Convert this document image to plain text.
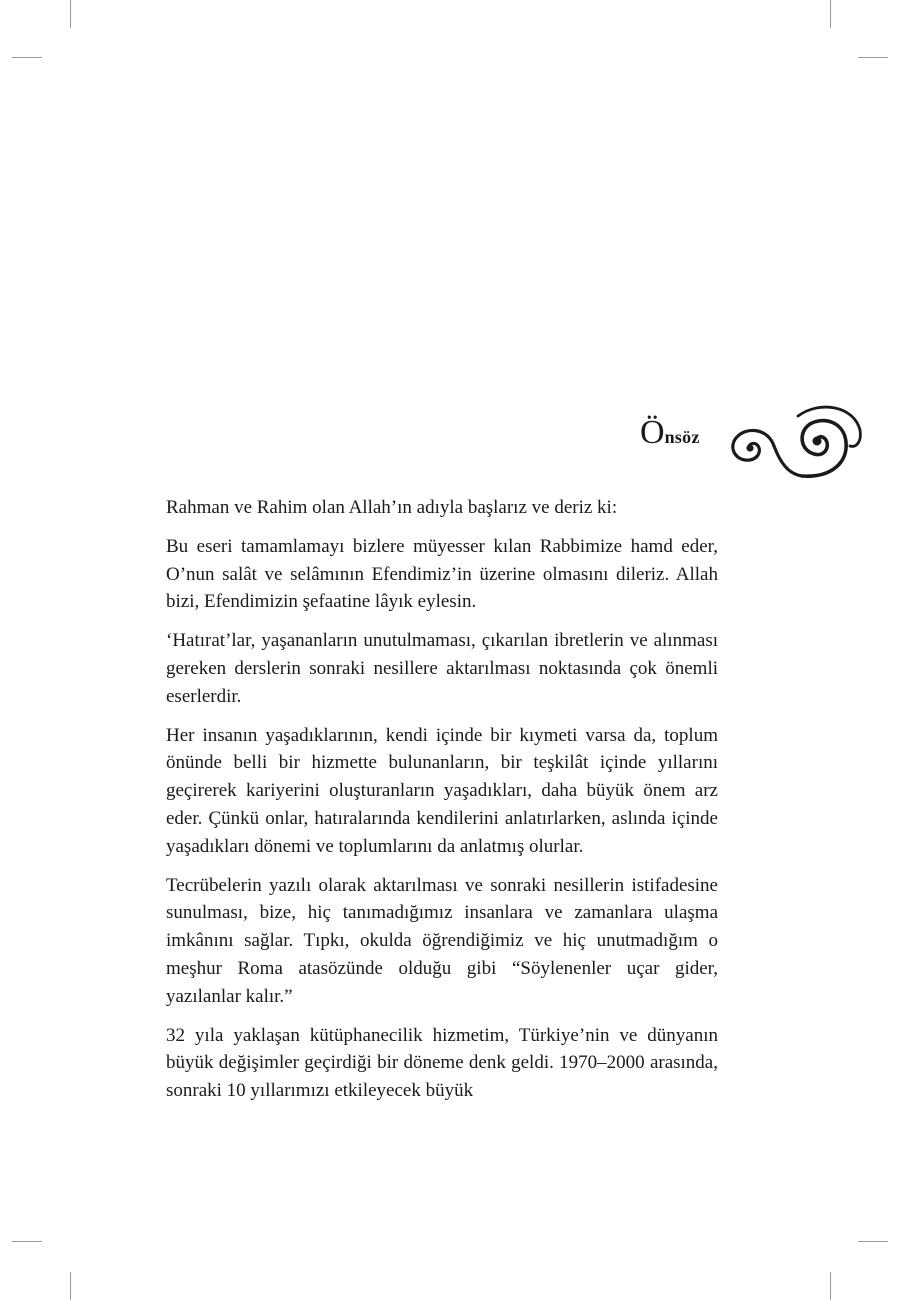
Önsöz

Rahman ve Rahim olan Allah’ın adıyla başlarız ve deriz ki:

Bu eseri tamamlamayı bizlere müyesser kılan Rabbimize hamd eder, O’nun salât ve selâmının Efendimiz’in üzerine olmasını dileriz. Allah bizi, Efendimizin şefaatine lâyık eylesin.

‘Hatırat’lar, yaşananların unutulmaması, çıkarılan ibretlerin ve alınması gereken derslerin sonraki nesillere aktarılması noktasında çok önemli eserlerdir.

Her insanın yaşadıklarının, kendi içinde bir kıymeti varsa da, toplum önünde belli bir hizmette bulunanların, bir teşkilât içinde yıllarını geçirerek kariyerini oluşturanların yaşadıkları, daha büyük önem arz eder. Çünkü onlar, hatıralarında kendilerini anlatırlarken, aslında içinde yaşadıkları dönemi ve toplumlarını da anlatmış olurlar.

Tecrübelerin yazılı olarak aktarılması ve sonraki nesillerin istifadesine sunulması, bize, hiç tanımadığımız insanlara ve zamanlara ulaşma imkânını sağlar. Tıpkı, okulda öğrendiğimiz ve hiç unutmadığım o meşhur Roma atasözünde olduğu gibi “Söylenenler uçar gider, yazılanlar kalır.”

32 yıla yaklaşan kütüphanecilik hizmetim, Türkiye’nin ve dünyanın büyük değişimler geçirdiği bir döneme denk geldi. 1970–2000 arasında, sonraki 10 yıllarımızı etkileyecek büyük
